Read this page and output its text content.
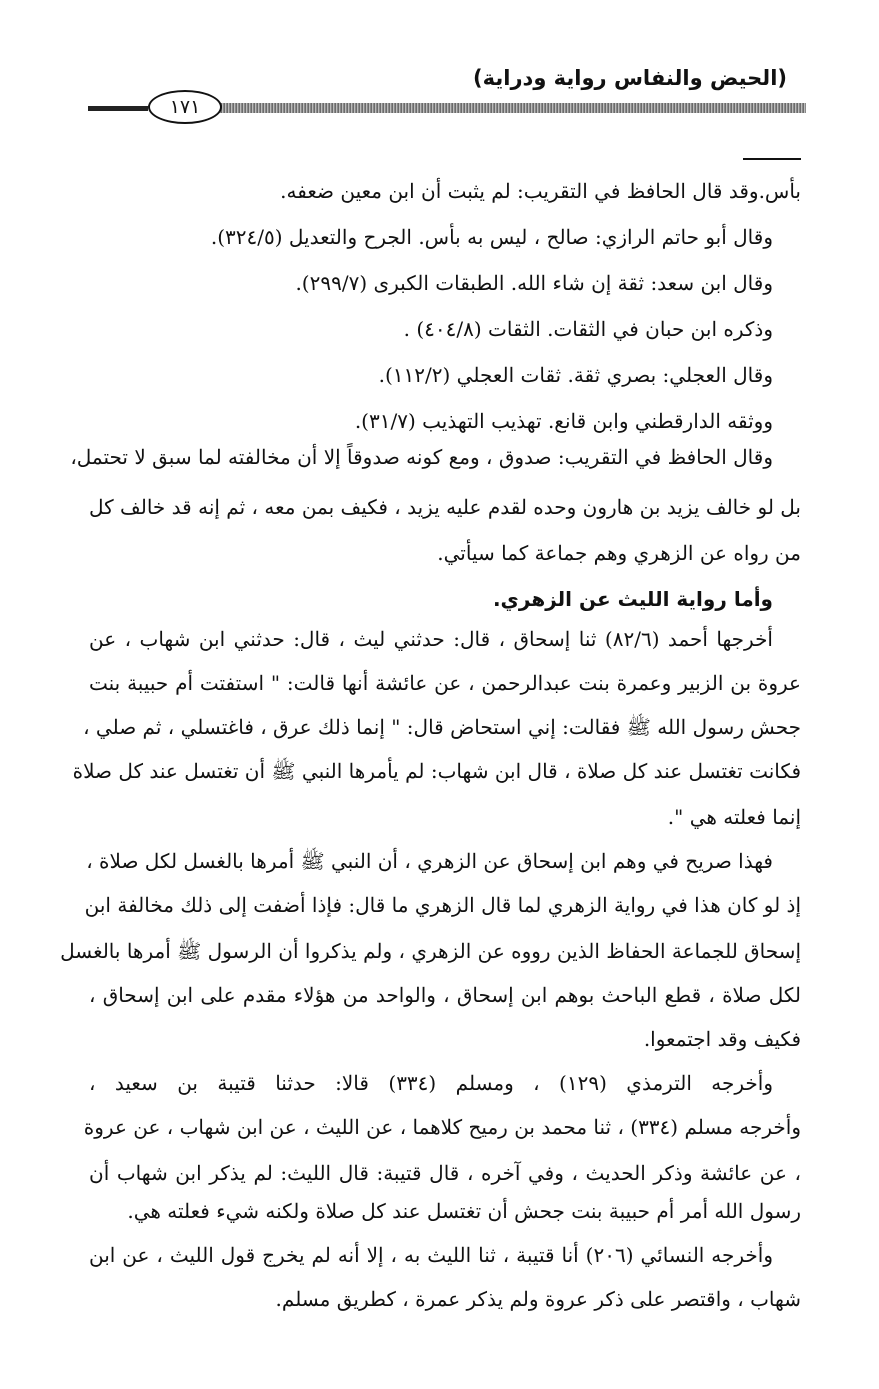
(الحيض والنفاس رواية ودراية)
١٧١
بأس.وقد قال الحافظ في التقريب: لم يثبت أن ابن معين ضعفه.
وقال أبو حاتم الرازي: صالح ، ليس به بأس. الجرح والتعديل (٣٢٤/٥).
وقال ابن سعد: ثقة إن شاء الله. الطبقات الكبرى (٢٩٩/٧).
وذكره ابن حبان في الثقات. الثقات (٤٠٤/٨) .
وقال العجلي: بصري ثقة. ثقات العجلي (١١٢/٢).
ووثقه الدارقطني وابن قانع. تهذيب التهذيب (٣١/٧).
وقال الحافظ في التقريب: صدوق ، ومع كونه صدوقاً إلا أن مخالفته لما سبق لا تحتمل،
بل لو خالف يزيد بن هارون وحده لقدم عليه يزيد ، فكيف بمن معه ، ثم إنه قد خالف كل
من رواه عن الزهري وهم جماعة كما سيأتي.
وأما رواية الليث عن الزهري.
أخرجها أحمد (٨٢/٦) ثنا إسحاق ، قال: حدثني ليث ، قال: حدثني ابن شهاب ، عن
عروة بن الزبير وعمرة بنت عبدالرحمن ، عن عائشة أنها قالت: " استفتت أم حبيبة بنت
جحش رسول الله ﷺ فقالت: إني استحاض قال: " إنما ذلك عرق ، فاغتسلي ، ثم صلي ،
فكانت تغتسل عند كل صلاة ، قال ابن شهاب: لم يأمرها النبي ﷺ أن تغتسل عند كل صلاة
إنما فعلته هي ".
فهذا صريح في وهم ابن إسحاق عن الزهري ، أن النبي ﷺ أمرها بالغسل لكل صلاة ،
إذ لو كان هذا في رواية الزهري لما قال الزهري ما قال: فإذا أضفت إلى ذلك مخالفة ابن
إسحاق للجماعة الحفاظ الذين رووه عن الزهري ، ولم يذكروا أن الرسول ﷺ أمرها بالغسل
لكل صلاة ، قطع الباحث بوهم ابن إسحاق ، والواحد من هؤلاء مقدم على ابن إسحاق ،
فكيف وقد اجتمعوا.
وأخرجه الترمذي (١٢٩) ، ومسلم (٣٣٤) قالا: حدثنا قتيبة بن سعيد ،
وأخرجه مسلم (٣٣٤) ، ثنا محمد بن رميح كلاهما ، عن الليث ، عن ابن شهاب ، عن عروة
، عن عائشة وذكر الحديث ، وفي آخره ، قال قتيبة: قال الليث: لم يذكر ابن شهاب أن
رسول الله أمر أم حبيبة بنت جحش أن تغتسل عند كل صلاة ولكنه شيء فعلته هي.
وأخرجه النسائي (٢٠٦) أنا قتيبة ، ثنا الليث به ، إلا أنه لم يخرج قول الليث ، عن ابن
شهاب ، واقتصر على ذكر عروة ولم يذكر عمرة ، كطريق مسلم.
